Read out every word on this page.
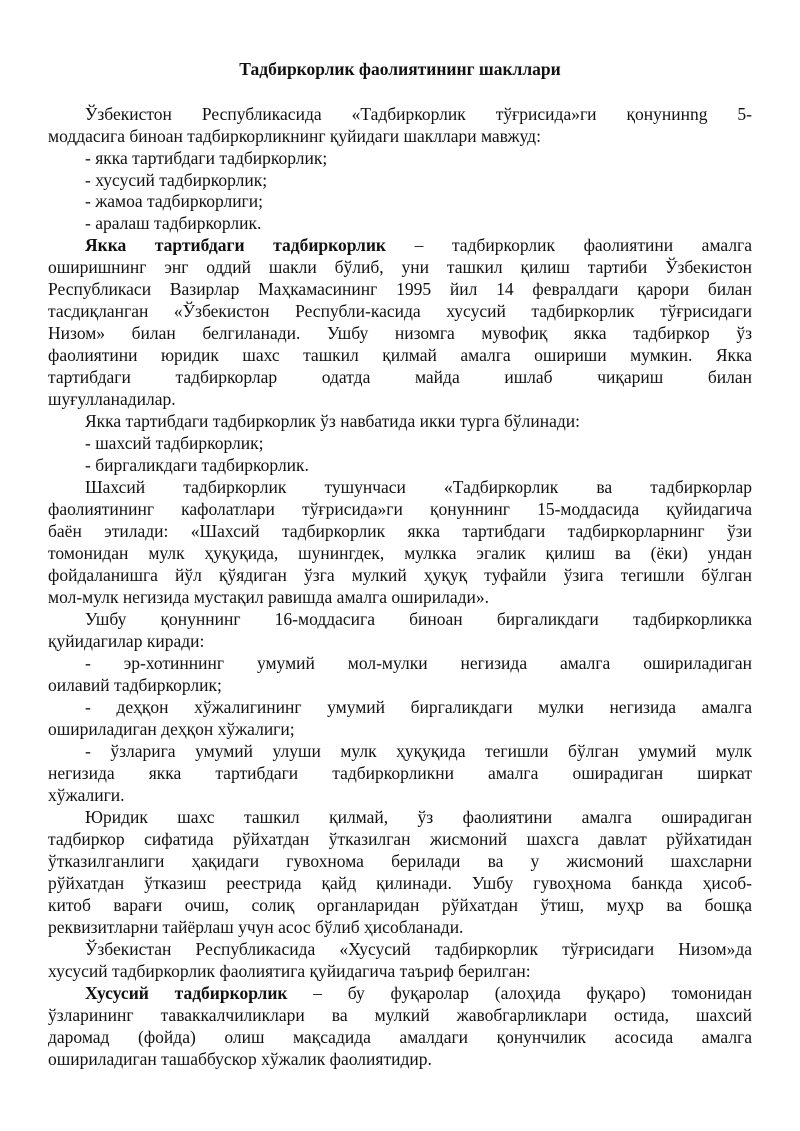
Тадбиркорлик фаолиятининг шакллари
Ўзбекистон Республикасида «Тадбиркорлик тўғрисида»ги қонунинng 5-
моддасига биноан тадбиркорликнинг қуйидаги шакллари мавжуд:
- якка тартибдаги тадбиркорлик;
- хусусий тадбиркорлик;
- жамоа тадбиркорлиги;
- аралаш тадбиркорлик.
Якка тартибдаги тадбиркорлик – тадбиркорлик фаолиятини амалга
оширишнинг энг оддий шакли бўлиб, уни ташкил қилиш тартиби Ўзбекистон
Республикаси Вазирлар Маҳкамасининг 1995 йил 14 февралдаги қарори билан
тасдиқланган «Ўзбекистон Республи-касида хусусий тадбиркорлик тўғрисидаги
Низом» билан белгиланади. Ушбу низомга мувофиқ якка тадбиркор ўз
фаолиятини юридик шахс ташкил қилмай амалга ошириши мумкин. Якка
тартибдаги тадбиркорлар одатда майда ишлаб чиқариш билан
шуғулланадилар.
Якка тартибдаги тадбиркорлик ўз навбатида икки турга бўлинади:
- шахсий тадбиркорлик;
- биргаликдаги тадбиркорлик.
Шахсий тадбиркорлик тушунчаси «Тадбиркорлик ва тадбиркорлар
фаолиятининг кафолатлари тўғрисида»ги қонуннинг 15-моддасида қуйидагича
баён этилади: «Шахсий тадбиркорлик якка тартибдаги тадбиркорларнинг ўзи
томонидан мулк ҳуқуқида, шунингдек, мулкка эгалик қилиш ва (ёки) ундан
фойдаланишга йўл қўядиган ўзга мулкий ҳуқуқ туфайли ўзига тегишли бўлган
мол-мулк негизида мустақил равишда амалга оширилади».
Ушбу қонуннинг 16-моддасига биноан биргаликдаги тадбиркорликка
қуйидагилар киради:
- эр-хотиннинг умумий мол-мулки негизида амалга ошириладиган
оилавий тадбиркорлик;
- деҳқон хўжалигининг умумий биргаликдаги мулки негизида амалга
ошириладиган деҳқон хўжалиги;
- ўзларига умумий улуши мулк ҳуқуқида тегишли бўлган умумий мулк
негизида якка тартибдаги тадбиркорликни амалга оширадиган ширкат
хўжалиги.
Юридик шахс ташкил қилмай, ўз фаолиятини амалга оширадиган
тадбиркор сифатида рўйхатдан ўтказилган жисмоний шахсга давлат рўйхатидан
ўтказилганлиги ҳақидаги гувохнома берилади ва у жисмоний шахсларни
рўйхатдан ўтказиш реестрида қайд қилинади. Ушбу гувоҳнома банкда ҳисоб-
китоб варағи очиш, солиқ органларидан рўйхатдан ўтиш, муҳр ва бошқа
реквизитларни тайёрлаш учун асос бўлиб ҳисобланади.
Ўзбекистан Республикасида «Хусусий тадбиркорлик тўғрисидаги Низом»да
хусусий тадбиркорлик фаолиятига қуйидагича таъриф берилган:
Хусусий тадбиркорлик – бу фуқаролар (алоҳида фуқаро) томонидан
ўзларининг таваккалчиликлари ва мулкий жавобгарликлари остида, шахсий
даромад (фойда) олиш мақсадида амалдаги қонунчилик асосида амалга
ошириладиган ташаббускор хўжалик фаолиятидир.
